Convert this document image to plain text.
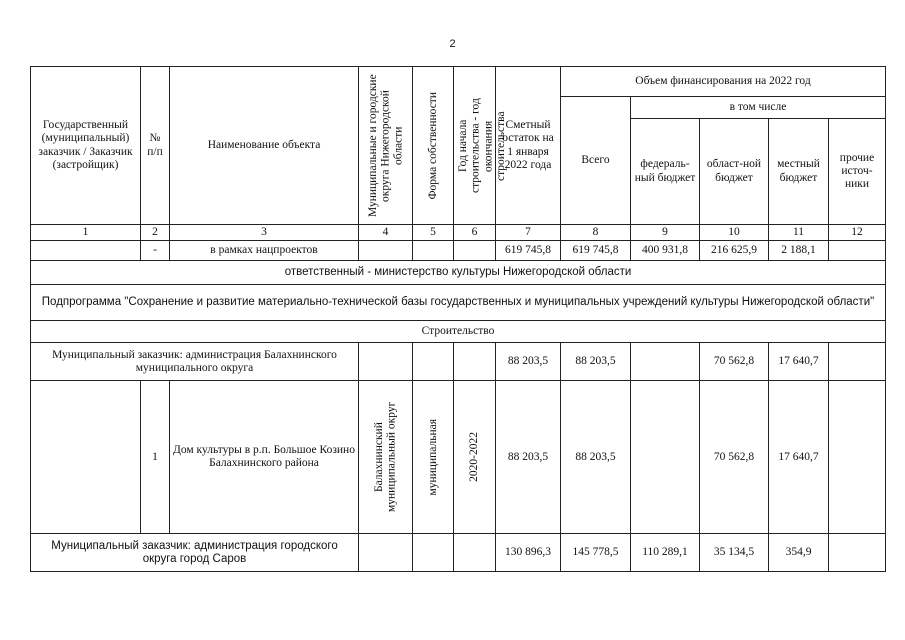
2
Государственный (муниципальный) заказчик / Заказчик (застройщик)	№ п/п	Наименование объекта	Муниципальные и городские округа Нижегородской области	Форма собственности	Год начала строительства - год окончания строительства	Сметный остаток на 1 января 2022 года	Объем финансирования на 2022 год				
							Всего	в том числе			
								федераль-ный бюджет	област-ной бюджет	местный бюджет	прочие источ-ники
1	2	3	4	5	6	7	8	9	10	11	12
	-	в рамках нацпроектов				619 745,8	619 745,8	400 931,8	216 625,9	2 188,1	
ответственный - министерство культуры Нижегородской области											
Подпрограмма "Сохранение и развитие материально-технической базы государственных и муниципальных учреждений культуры Нижегородской области"											
Строительство											
Муниципальный заказчик: администрация Балахнинского муниципального округа						88 203,5	88 203,5		70 562,8	17 640,7	
	1	Дом культуры в р.п. Большое Козино Балахнинского района	Балахнинский муниципальный округ	муниципальная	2020-2022	88 203,5	88 203,5		70 562,8	17 640,7	
Муниципальный заказчик: администрация городского округа город Саров						130 896,3	145 778,5	110 289,1	35 134,5	354,9	
